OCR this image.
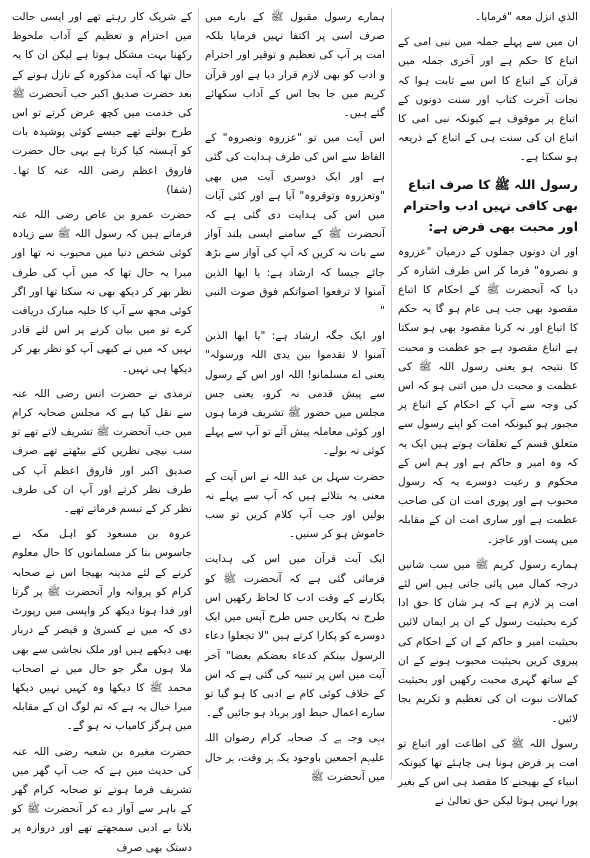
الذي انزل معه "فرمایا۔

ان میں سے پہلے جملہ میں نبی امی کے اتباع کا حکم ہے اور آخری جملہ میں قرآن کے اتباع کا اس سے ثابت ہوا کہ نجات آخرت کتاب اور سنت دونوں کے اتباع پر موقوف ہے کیونکہ نبی امی کا اتباع ان کی سنت ہی کے اتباع کے ذریعہ ہو سکتا ہے۔

رسول اللہ ﷺ کا صرف اتباع بھی کافی نہیں ادب واحترام اور محبت بھی فرض ہے:

اور ان دونوں جملوں کے درمیان "عزروہ و نصروہ" فرما کر اس طرف اشارہ کر دیا کہ آنحضرت ﷺ کے احکام کا اتباع مقصود بھی جب ہی عام ہو گا یہ حکم کا اتباع اور نہ کرنا مقصود بھی ہو سکتا ہے اتباع مقصود ہے جو عظمت و محبت کا نتیجہ ہو یعنی رسول اللہ ﷺ کی عظمت و محبت دل میں اتنی ہو کہ اس کی وجہ سے آپ کے احکام کے اتباع پر مجبور ہو کیونکہ امت کو اپنے رسول سے متعلق قسم کے تعلقات ہوتے ہیں ایک یہ کہ وہ امیر و حاکم ہے اور ہم اس کے محکوم و رعیت دوسرے یہ کہ رسول محبوب ہے اور پوری امت ان کی صاحب عظمت ہے اور ساری امت ان کے مقابلہ میں پست اور عاجز۔

ہمارے رسول کریم ﷺ میں سب شانیں درجہ کمال میں پائی جاتی ہیں اس لئے امت پر لازم ہے کہ ہر شان کا حق ادا کرے بحیثیت رسول کے ان پر ایمان لائیں بحیثیت امیر و حاکم کے ان کے احکام کی پیروی کریں بحیثیت محبوب ہونے کے ان کے ساتھ گہری محبت رکھیں اور بحیثیت کمالات نبوت ان کی تعظیم و تکریم بجا لائیں۔

رسول اللہ ﷺ کی اطاعت اور اتباع تو امت پر فرض ہونا ہی چاہئے تھا کیونکہ انبیاء کے بھیجنے کا مقصد ہی اس کے بغیر پورا نہیں ہوتا لیکن حق تعالیٰ نے

ہمارے رسول مقبول ﷺ کے بارے میں صرف اسی پر اکتفا نہیں فرمایا بلکہ امت پر آپ کی تعظیم و توقیر اور احترام و ادب کو بھی لازم قرار دیا ہے اور قرآن کریم میں جا بجا اس کے آداب سکھائے گئے ہیں۔

اس آیت میں تو "عزروہ ونصروہ" کے الفاظ سے اس کی طرف ہدایت کی گئی ہے اور ایک دوسری آیت میں بھی "وتعزروہ وتوقروہ" آیا ہے اور کئی آیات میں اس کی ہدایت دی گئی ہے کہ آنحضرت ﷺ کے سامنے ایسی بلند آواز سے بات نہ کریں کہ آپ کی آواز سے بڑھ جائے جیسا کہ ارشاد ہے: یا ایھا الذین آمنوا لا ترفعوا اصواتکم فوق صوت النبی "

اور ایک جگہ ارشاد ہے: "یا ایھا الذین آمنوا لا تقدموا بین یدی اللہ ورسولہ" یعنی اے مسلمانو! اللہ اور اس کے رسول سے پیش قدمی نہ کرو، یعنی جس مجلس میں حضور ﷺ تشریف فرما ہوں اور کوئی معاملہ پیش آئے تو آپ سے پہلے کوئی نہ بولے۔

حضرت سہل بن عبد اللہ نے اس آیت کے معنی یہ بتلائے ہیں کہ آپ سے پہلے نہ بولیں اور جب آپ کلام کریں تو سب خاموش ہو کر سنیں۔

ایک آیت قرآن میں اس کی ہدایت فرمائی گئی ہے کہ آنحضرت ﷺ کو پکارنے کے وقت ادب کا لحاظ رکھیں اس طرح نہ پکاریں جس طرح آپس میں ایک دوسرے کو پکارا کرتے ہیں "لا تجعلوا دعاء الرسول بینکم کدعاء بعضکم بعضا" آخر آیت میں اس پر تنبیہ کی گئی ہے کہ اس کے خلاف کوئی کام بے ادبی کا ہو گیا تو سارے اعمال حبط اور برباد ہو جائیں گے۔

یہی وجہ ہے کہ صحابہ کرام رضوان اللہ علیہم اجمعین باوجود یکہ ہر وقت، ہر حال میں آنحضرت ﷺ

کے شریک کار رہتے تھے اور ایسی حالت میں احترام و تعظیم کے آداب ملحوظ رکھنا بہت مشکل ہوتا ہے لیکن ان کا یہ حال تھا کہ آیت مذکورہ کے نازل ہونے کے بعد حضرت صدیق اکبر جب آنحضرت ﷺ کی خدمت میں کچھ عرض کرتے تو اس طرح بولتے تھے جیسے کوئی پوشیدہ بات کو آہستہ کیا کرتا ہے یہی حال حضرت فاروق اعظم رضی اللہ عنہ کا تھا۔ (شفا)

حضرت عمرو بن عاص رضی اللہ عنہ فرماتے ہیں کہ رسول اللہ ﷺ سے زیادہ کوئی شخص دنیا میں محبوب نہ تھا اور میرا یہ حال تھا کہ میں آپ کی طرف نظر بھر کر دیکھ بھی نہ سکتا تھا اور اگر کوئی مجھ سے آپ کا حلیہ مبارک دریافت کرے تو میں بیان کرنے پر اس لئے قادر نہیں کہ میں نے کبھی آپ کو نظر بھر کر دیکھا ہی نہیں۔

ترمذی نے حضرت انس رضی اللہ عنہ سے نقل کیا ہے کہ مجلس صحابہ کرام میں جب آنحضرت ﷺ تشریف لاتے تھے تو سب نیچی نظریں کئے بیٹھتے تھے صرف صدیق اکبر اور فاروق اعظم آپ کی طرف نظر کرتے اور آپ ان کی طرف نظر کر کے تبسم فرماتے تھے۔

عروہ بن مسعود کو اہل مکہ نے جاسوس بنا کر مسلمانوں کا حال معلوم کرنے کے لئے مدینہ بھیجا اس نے صحابہ کرام کو پروانہ وار آنحضرت ﷺ پر گرتا اور فدا ہوتا دیکھ کر واپسی میں رپورٹ دی کہ میں نے کسریٰ و قیصر کے دربار بھی دیکھے ہیں اور ملک نجاشی سے بھی ملا ہوں مگر جو حال میں نے اصحاب محمد ﷺ کا دیکھا وہ کہیں نہیں دیکھا میرا خیال یہ ہے کہ تم لوگ ان کے مقابلہ میں ہرگز کامیاب نہ ہو گے۔

حضرت مغیرہ بن شعبہ رضی اللہ عنہ کی حدیث میں ہے کہ جب آپ گھر میں تشریف فرما ہوتے تو صحابہ کرام گھر کے باہر سے آواز دے کر آنحضرت ﷺ کو بلانا بے ادبی سمجھتے تھے اور دروازہ پر دستک بھی صرف
